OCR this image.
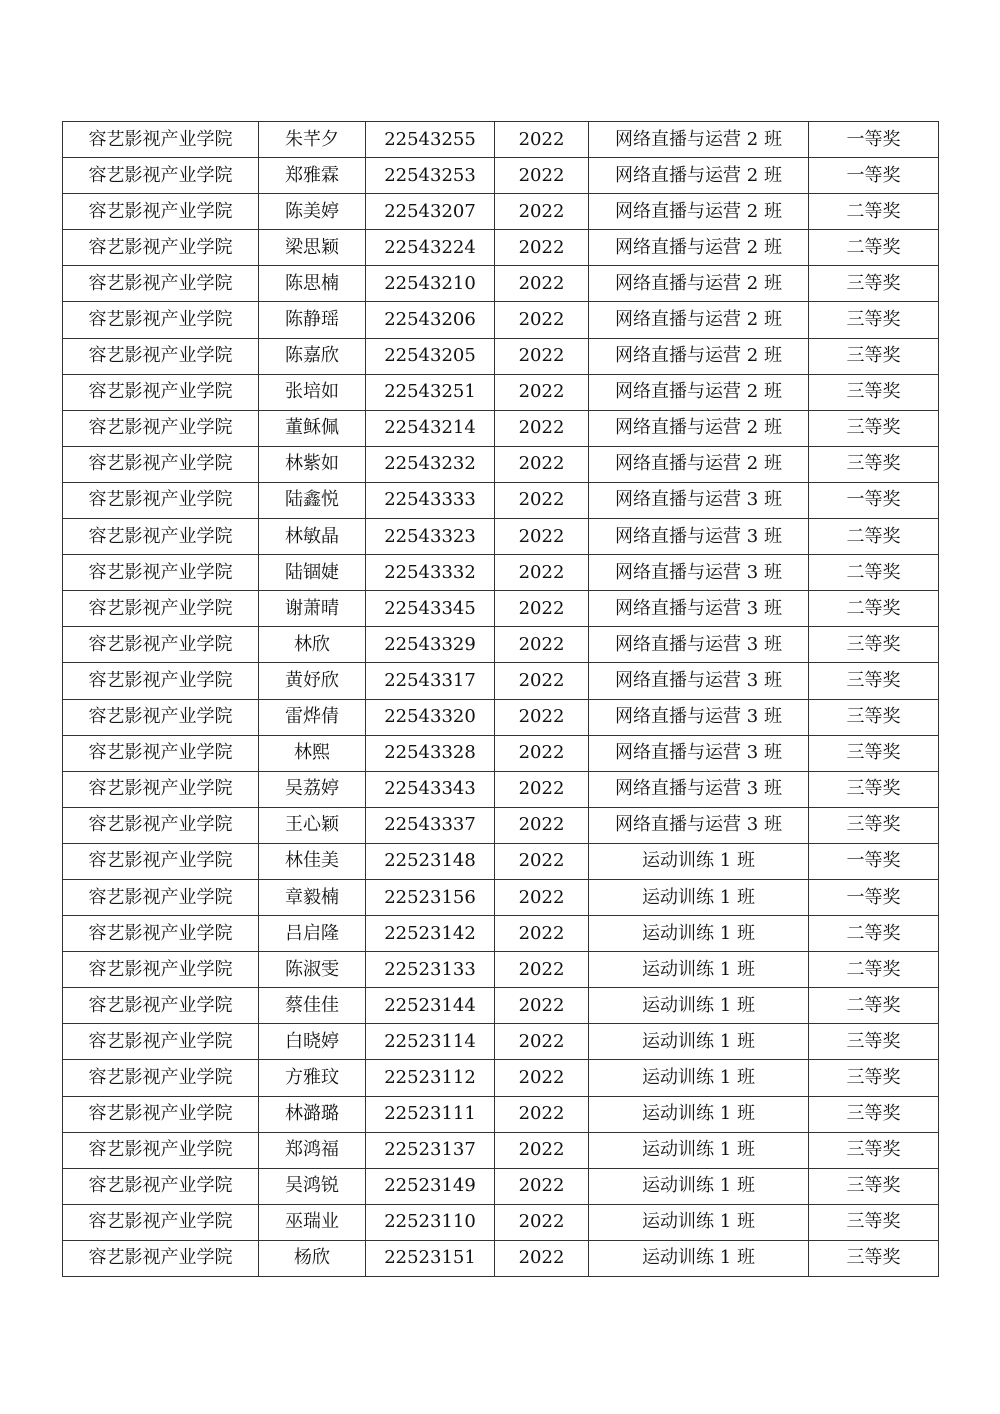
容艺影视产业学院	朱芊夕	22543255	2022	网络直播与运营 2 班	一等奖
容艺影视产业学院	郑雅霖	22543253	2022	网络直播与运营 2 班	一等奖
容艺影视产业学院	陈美婷	22543207	2022	网络直播与运营 2 班	二等奖
容艺影视产业学院	梁思颖	22543224	2022	网络直播与运营 2 班	二等奖
容艺影视产业学院	陈思楠	22543210	2022	网络直播与运营 2 班	三等奖
容艺影视产业学院	陈静瑶	22543206	2022	网络直播与运营 2 班	三等奖
容艺影视产业学院	陈嘉欣	22543205	2022	网络直播与运营 2 班	三等奖
容艺影视产业学院	张培如	22543251	2022	网络直播与运营 2 班	三等奖
容艺影视产业学院	董稣佩	22543214	2022	网络直播与运营 2 班	三等奖
容艺影视产业学院	林紫如	22543232	2022	网络直播与运营 2 班	三等奖
容艺影视产业学院	陆鑫悦	22543333	2022	网络直播与运营 3 班	一等奖
容艺影视产业学院	林敏晶	22543323	2022	网络直播与运营 3 班	二等奖
容艺影视产业学院	陆锢婕	22543332	2022	网络直播与运营 3 班	二等奖
容艺影视产业学院	谢萧晴	22543345	2022	网络直播与运营 3 班	二等奖
容艺影视产业学院	林欣	22543329	2022	网络直播与运营 3 班	三等奖
容艺影视产业学院	黄妤欣	22543317	2022	网络直播与运营 3 班	三等奖
容艺影视产业学院	雷烨倩	22543320	2022	网络直播与运营 3 班	三等奖
容艺影视产业学院	林熙	22543328	2022	网络直播与运营 3 班	三等奖
容艺影视产业学院	吴荔婷	22543343	2022	网络直播与运营 3 班	三等奖
容艺影视产业学院	王心颖	22543337	2022	网络直播与运营 3 班	三等奖
容艺影视产业学院	林佳美	22523148	2022	运动训练 1 班	一等奖
容艺影视产业学院	章毅楠	22523156	2022	运动训练 1 班	一等奖
容艺影视产业学院	吕启隆	22523142	2022	运动训练 1 班	二等奖
容艺影视产业学院	陈淑雯	22523133	2022	运动训练 1 班	二等奖
容艺影视产业学院	蔡佳佳	22523144	2022	运动训练 1 班	二等奖
容艺影视产业学院	白晓婷	22523114	2022	运动训练 1 班	三等奖
容艺影视产业学院	方雅玟	22523112	2022	运动训练 1 班	三等奖
容艺影视产业学院	林潞璐	22523111	2022	运动训练 1 班	三等奖
容艺影视产业学院	郑鸿福	22523137	2022	运动训练 1 班	三等奖
容艺影视产业学院	吴鸿锐	22523149	2022	运动训练 1 班	三等奖
容艺影视产业学院	巫瑞业	22523110	2022	运动训练 1 班	三等奖
容艺影视产业学院	杨欣	22523151	2022	运动训练 1 班	三等奖
